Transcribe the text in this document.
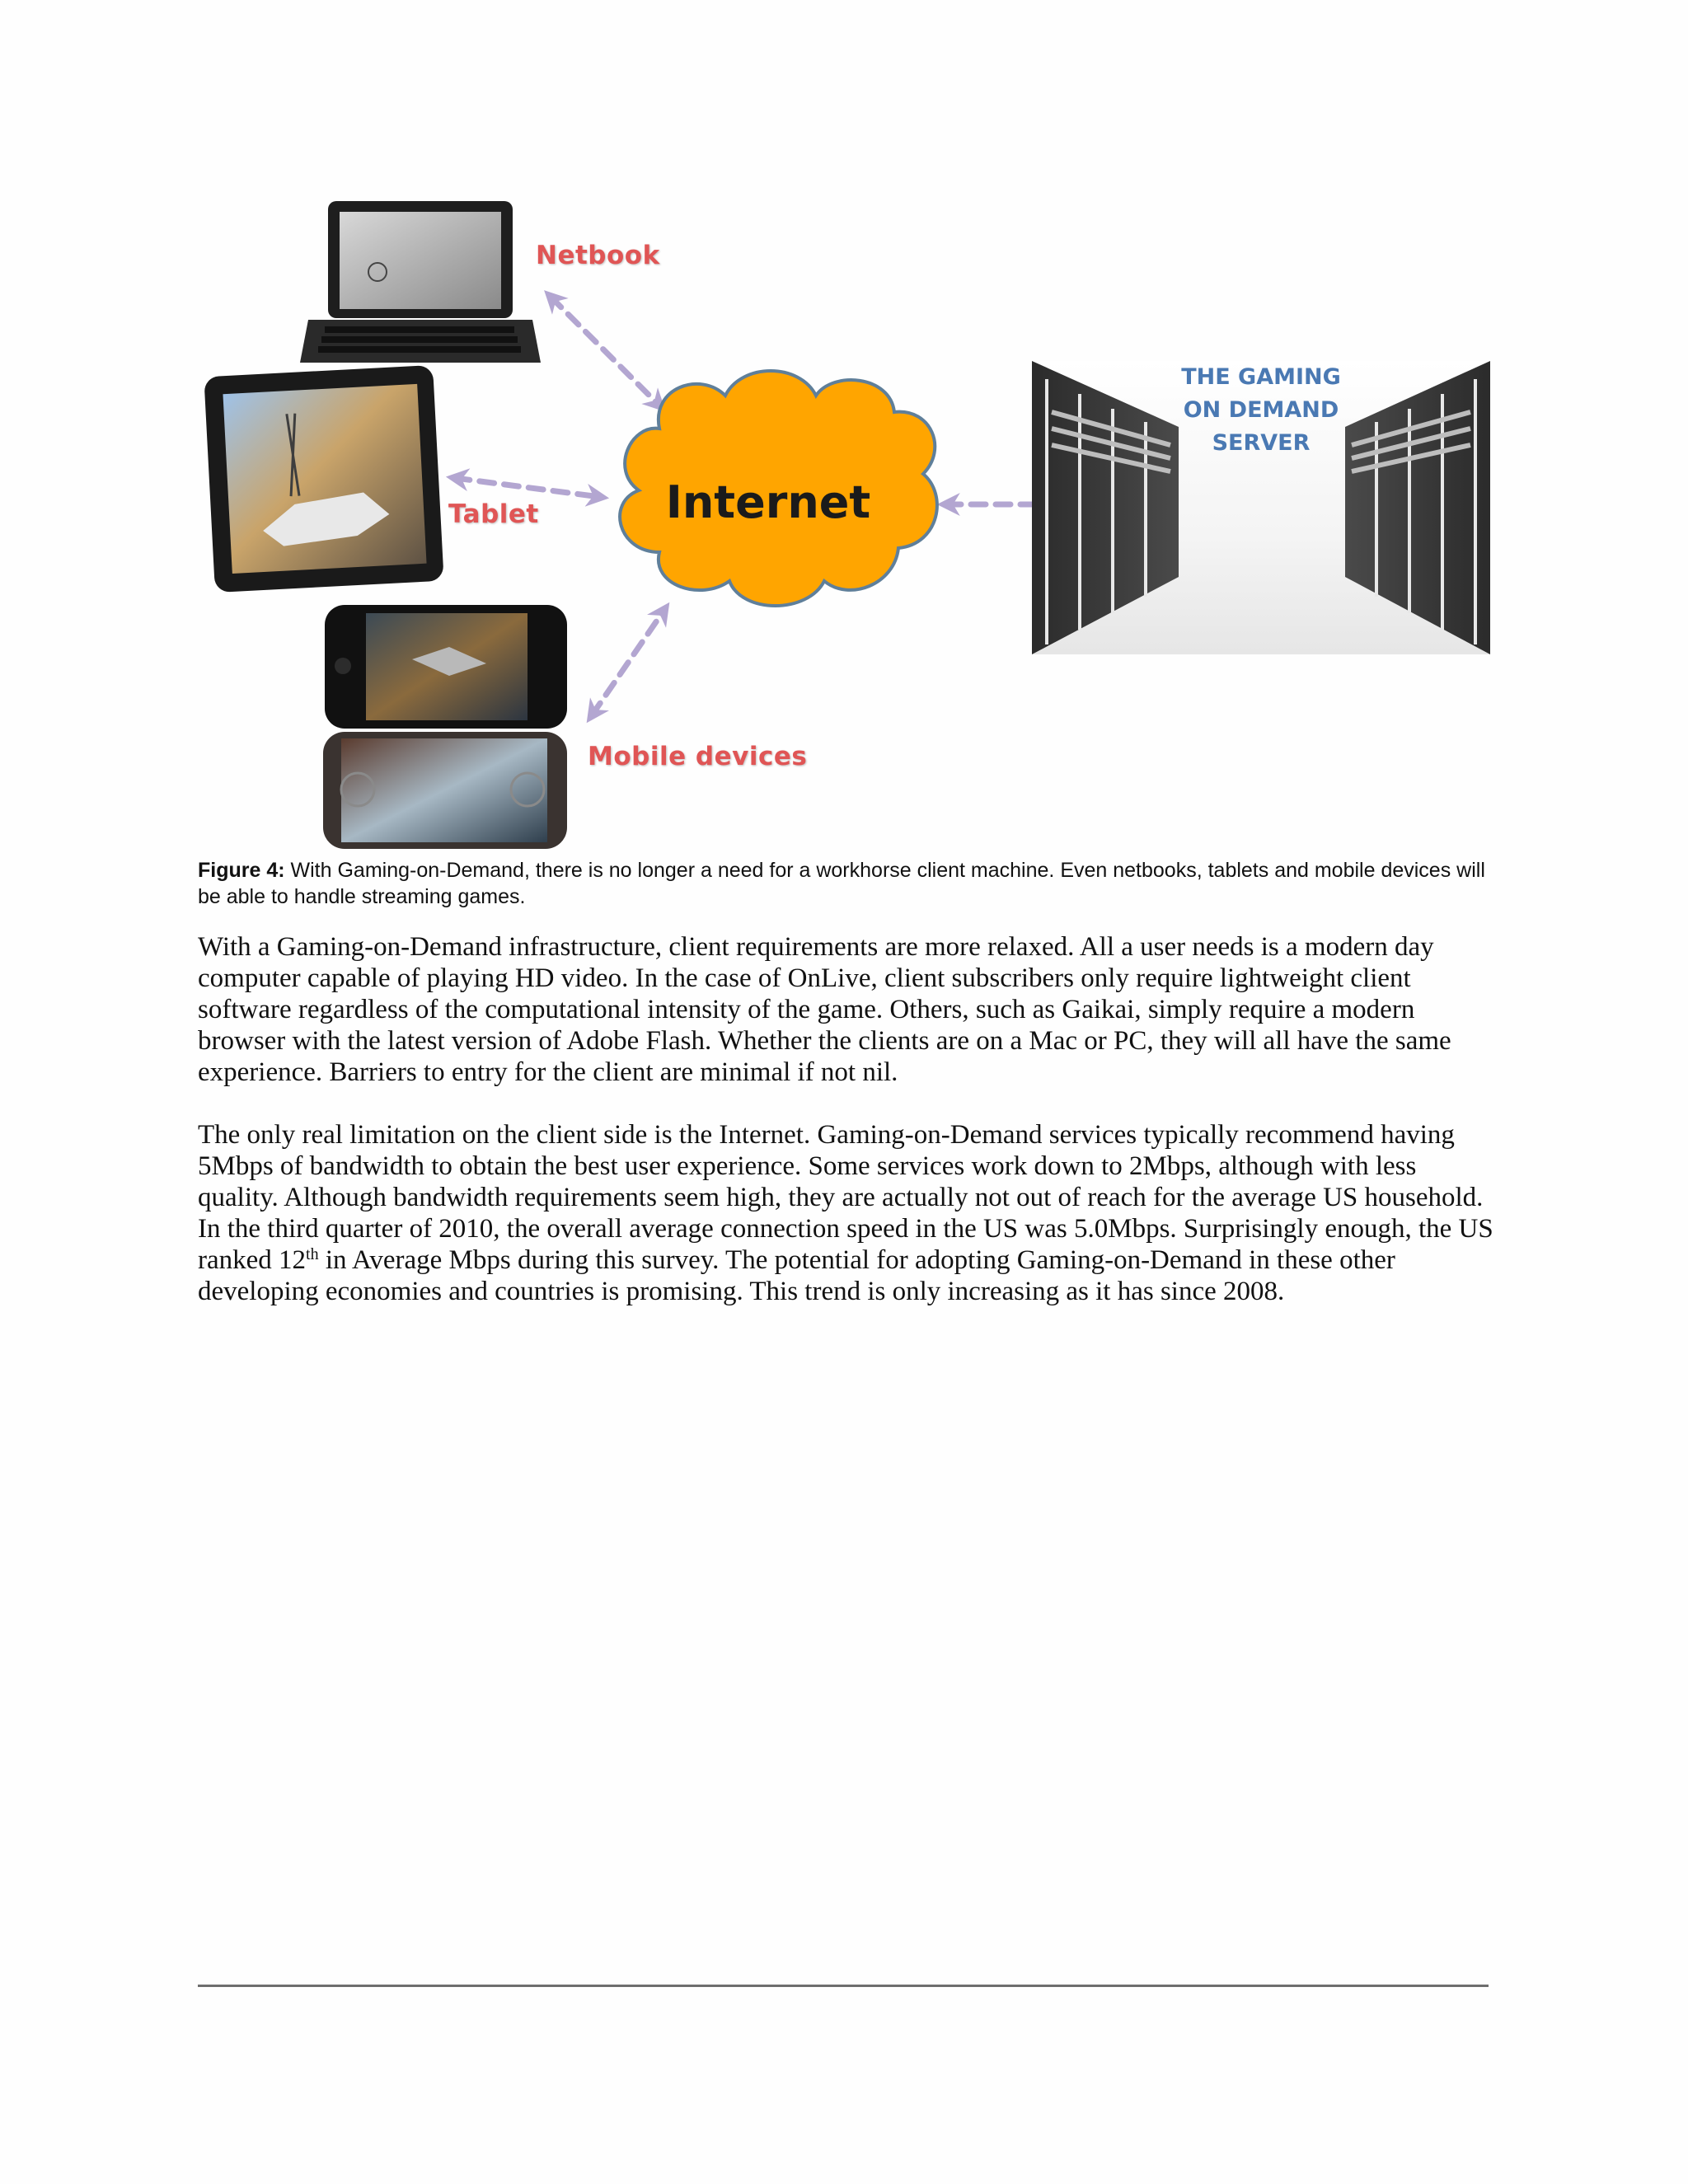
Netbook
Tablet
Mobile devices
Internet
THE GAMING
ON DEMAND
SERVER
Figure 4: With Gaming-on-Demand, there is no longer a need for a workhorse client machine. Even netbooks, tablets and mobile devices will be able to handle streaming games.

With a Gaming-on-Demand infrastructure, client requirements are more relaxed. All a user needs is a modern day computer capable of playing HD video. In the case of OnLive, client subscribers only require lightweight client software regardless of the computational intensity of the game. Others, such as Gaikai, simply require a modern browser with the latest version of Adobe Flash. Whether the clients are on a Mac or PC, they will all have the same experience. Barriers to entry for the client are minimal if not nil.

The only real limitation on the client side is the Internet. Gaming-on-Demand services typically recommend having 5Mbps of bandwidth to obtain the best user experience. Some services work down to 2Mbps, although with less quality. Although bandwidth requirements seem high, they are actually not out of reach for the average US household. In the third quarter of 2010, the overall average connection speed in the US was 5.0Mbps. Surprisingly enough, the US ranked 12th in Average Mbps during this survey. The potential for adopting Gaming-on-Demand in these other developing economies and countries is promising. This trend is only increasing as it has since 2008.
